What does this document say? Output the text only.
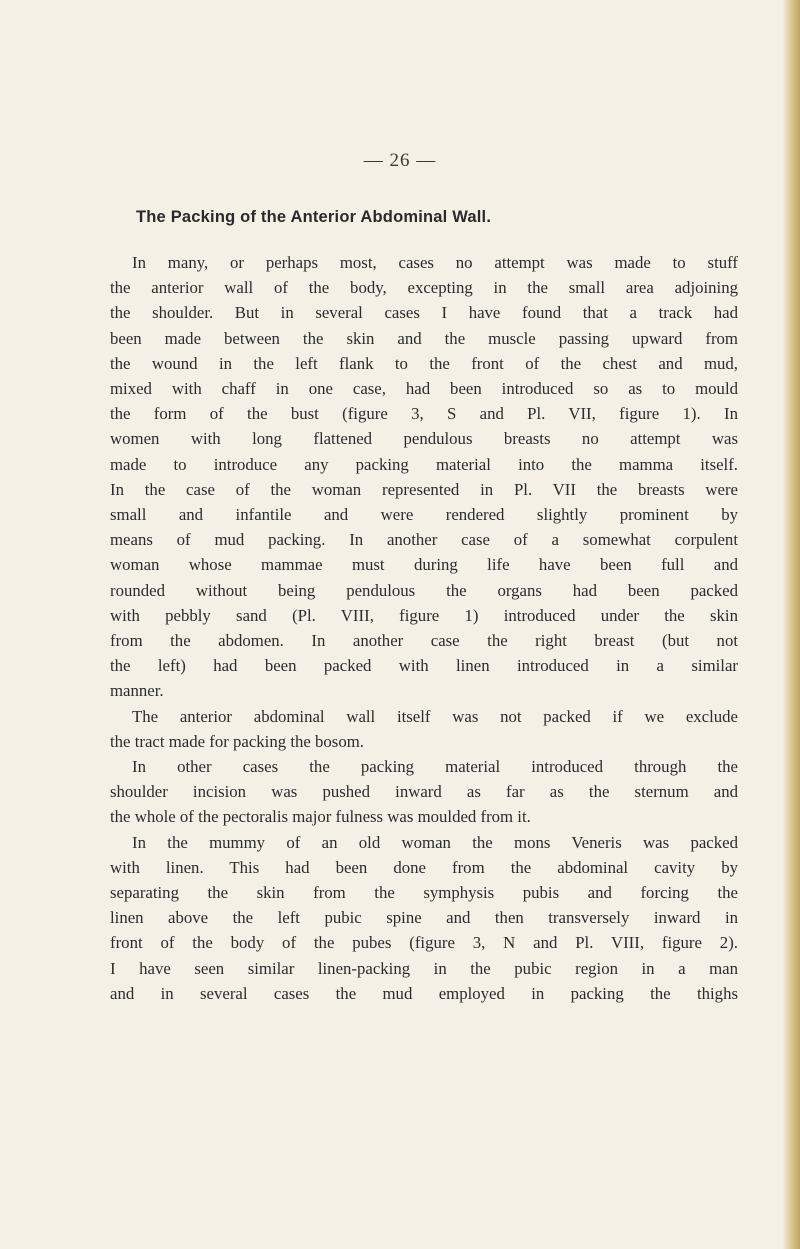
— 26 —
The Packing of the Anterior Abdominal Wall.
In many, or perhaps most, cases no attempt was made to stuff
the anterior wall of the body, excepting in the small area adjoining
the shoulder. But in several cases I have found that a track had
been made between the skin and the muscle passing upward from
the wound in the left flank to the front of the chest and mud,
mixed with chaff in one case, had been introduced so as to mould
the form of the bust (figure 3, S and Pl. VII, figure 1). In
women with long flattened pendulous breasts no attempt was
made to introduce any packing material into the mamma itself.
In the case of the woman represented in Pl. VII the breasts were
small and infantile and were rendered slightly prominent by
means of mud packing. In another case of a somewhat corpulent
woman whose mammae must during life have been full and
rounded without being pendulous the organs had been packed
with pebbly sand (Pl. VIII, figure 1) introduced under the skin
from the abdomen. In another case the right breast (but not
the left) had been packed with linen introduced in a similar
manner.
The anterior abdominal wall itself was not packed if we exclude
the tract made for packing the bosom.
In other cases the packing material introduced through the
shoulder incision was pushed inward as far as the sternum and
the whole of the pectoralis major fulness was moulded from it.
In the mummy of an old woman the mons Veneris was packed
with linen. This had been done from the abdominal cavity by
separating the skin from the symphysis pubis and forcing the
linen above the left pubic spine and then transversely inward in
front of the body of the pubes (figure 3, N and Pl. VIII, figure 2).
I have seen similar linen-packing in the pubic region in a man
and in several cases the mud employed in packing the thighs
